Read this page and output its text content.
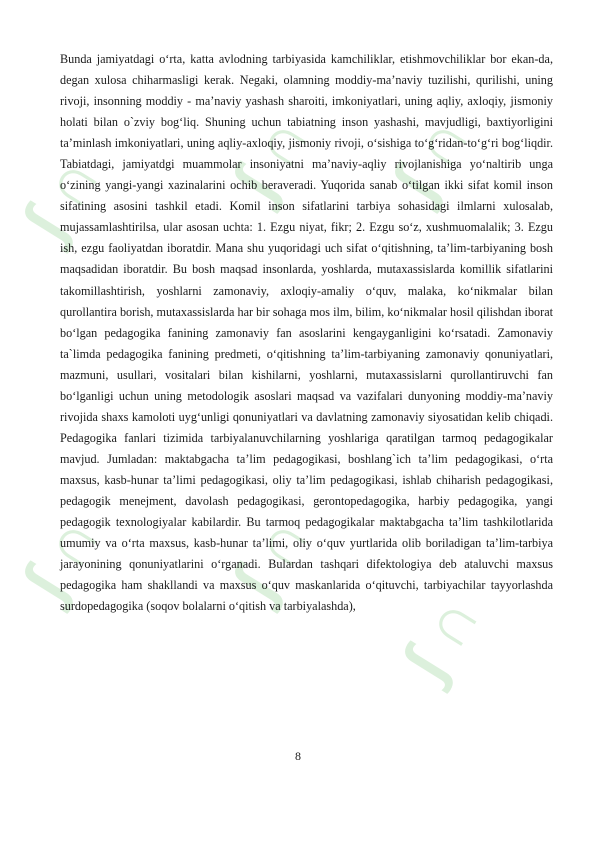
∫ ∩ ∫ ∩ ∫ ∩
∫ ∩ ∫ ∩
∫ ∩

Bunda jamiyatdagi o‘rta, katta avlodning tarbiyasida kamchiliklar, etishmovchiliklar bor ekan-da, degan xulosa chiharmasligi kerak. Negaki, olamning moddiy-ma’naviy tuzilishi, qurilishi, uning rivoji, insonning moddiy - ma’naviy yashash sharoiti, imkoniyatlari, uning aqliy, axloqiy, jismoniy holati bilan o`zviy bog‘liq. Shuning uchun tabiatning inson yashashi, mavjudligi, baxtiyorligini ta’minlash imkoniyatlari, uning aqliy-axloqiy, jismoniy rivoji, o‘sishiga to‘g‘ridan-to‘g‘ri bog‘liqdir. Tabiatdagi, jamiyatdgi muammolar insoniyatni ma’naviy-aqliy rivojlanishiga yo‘naltirib unga o‘zining yangi-yangi xazinalarini ochib beraveradi. Yuqorida sanab o‘tilgan ikki sifat komil inson sifatining asosini tashkil etadi. Komil inson sifatlarini tarbiya sohasidagi ilmlarni xulosalab, mujassamlashtirilsa, ular asosan uchta: 1. Ezgu niyat, fikr; 2. Ezgu so‘z, xushmuomalalik; 3. Ezgu ish, ezgu faoliyatdan iboratdir. Mana shu yuqoridagi uch sifat o‘qitishning, ta’lim-tarbiyaning bosh maqsadidan iboratdir. Bu bosh maqsad insonlarda, yoshlarda, mutaxassislarda komillik sifatlarini takomillashtirish, yoshlarni zamonaviy, axloqiy-amaliy o‘quv, malaka, ko‘nikmalar bilan qurollantira borish, mutaxassislarda har bir sohaga mos ilm, bilim, ko‘nikmalar hosil qilishdan iborat bo‘lgan pedagogika fanining zamonaviy fan asoslarini kengayganligini ko‘rsatadi. Zamonaviy ta`limda pedagogika fanining predmeti, o‘qitishning ta’lim-tarbiyaning zamonaviy qonuniyatlari, mazmuni, usullari, vositalari bilan kishilarni, yoshlarni, mutaxassislarni qurollantiruvchi fan bo‘lganligi uchun uning metodologik asoslari maqsad va vazifalari dunyoning moddiy-ma’naviy rivojida shaxs kamoloti uyg‘unligi qonuniyatlari va davlatning zamonaviy siyosatidan kelib chiqadi. Pedagogika fanlari tizimida tarbiyalanuvchilarning yoshlariga qaratilgan tarmoq pedagogikalar mavjud. Jumladan: maktabgacha ta’lim pedagogikasi, boshlang`ich ta’lim pedagogikasi, o‘rta maxsus, kasb-hunar ta’limi pedagogikasi, oliy ta’lim pedagogikasi, ishlab chiharish pedagogikasi, pedagogik menejment, davolash pedagogikasi, gerontopedagogika, harbiy pedagogika, yangi pedagogik texnologiyalar kabilardir. Bu tarmoq pedagogikalar maktabgacha ta’lim tashkilotlarida umumiy va o‘rta maxsus, kasb-hunar ta’limi, oliy o‘quv yurtlarida olib boriladigan ta’lim-tarbiya jarayonining qonuniyatlarini o‘rganadi. Bulardan tashqari difektologiya deb ataluvchi maxsus pedagogika ham shakllandi va maxsus o‘quv maskanlarida o‘qituvchi, tarbiyachilar tayyorlashda surdopedagogika (soqov bolalarni o‘qitish va tarbiyalashda),

8
